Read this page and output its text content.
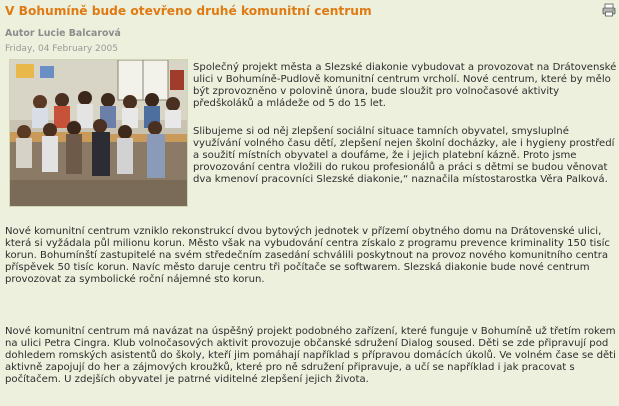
V Bohumíně bude otevřeno druhé komunitní centrum
Autor Lucie Balcarová
Friday, 04 February 2005
Společný projekt města a Slezské diakonie vybudovat a provozovat na Drátovenské ulici v Bohumíně-Pudlově komunitní centrum vrcholí. Nové centrum, které by mělo být zprovozněno v polovině února, bude sloužit pro volnočasové aktivity předškoláků a mládeže od 5 do 15 let.
Slibujeme si od něj zlepšení sociální situace tamních obyvatel, smysluplné využívání volného času dětí, zlepšení nejen školní docházky, ale i hygieny prostředí a soužití místních obyvatel a doufáme, že i jejich platební kázně. Proto jsme provozování centra vložili do rukou profesionálů a práci s dětmi se budou věnovat dva kmenoví pracovníci Slezské diakonie,“ naznačila místostarostka Věra Palková.
Nové komunitní centrum vzniklo rekonstrukcí dvou bytových jednotek v přízemí obytného domu na Drátovenské ulici, která si vyžádala půl milionu korun. Město však na vybudování centra získalo z programu prevence kriminality 150 tisíc korun. Bohumínští zastupitelé na svém středečním zasedání schválili poskytnout na provoz nového komunitního centra příspěvek 50 tisíc korun. Navíc město daruje centru tři počítače se softwarem. Slezská diakonie bude nové centrum provozovat za symbolické roční nájemné sto korun.
Nové komunitní centrum má navázat na úspěšný projekt podobného zařízení, které funguje v Bohumíně už třetím rokem na ulici Petra Cingra. Klub volnočasových aktivit provozuje občanské sdružení Dialog soused. Děti se zde připravují pod dohledem romských asistentů do školy, kteří jim pomáhají například s přípravou domácích úkolů. Ve volném čase se děti aktivně zapojují do her a zájmových kroužků, které pro ně sdružení připravuje, a učí se například i jak pracovat s počítačem. U zdejších obyvatel je patrné viditelné zlepšení jejich života.
